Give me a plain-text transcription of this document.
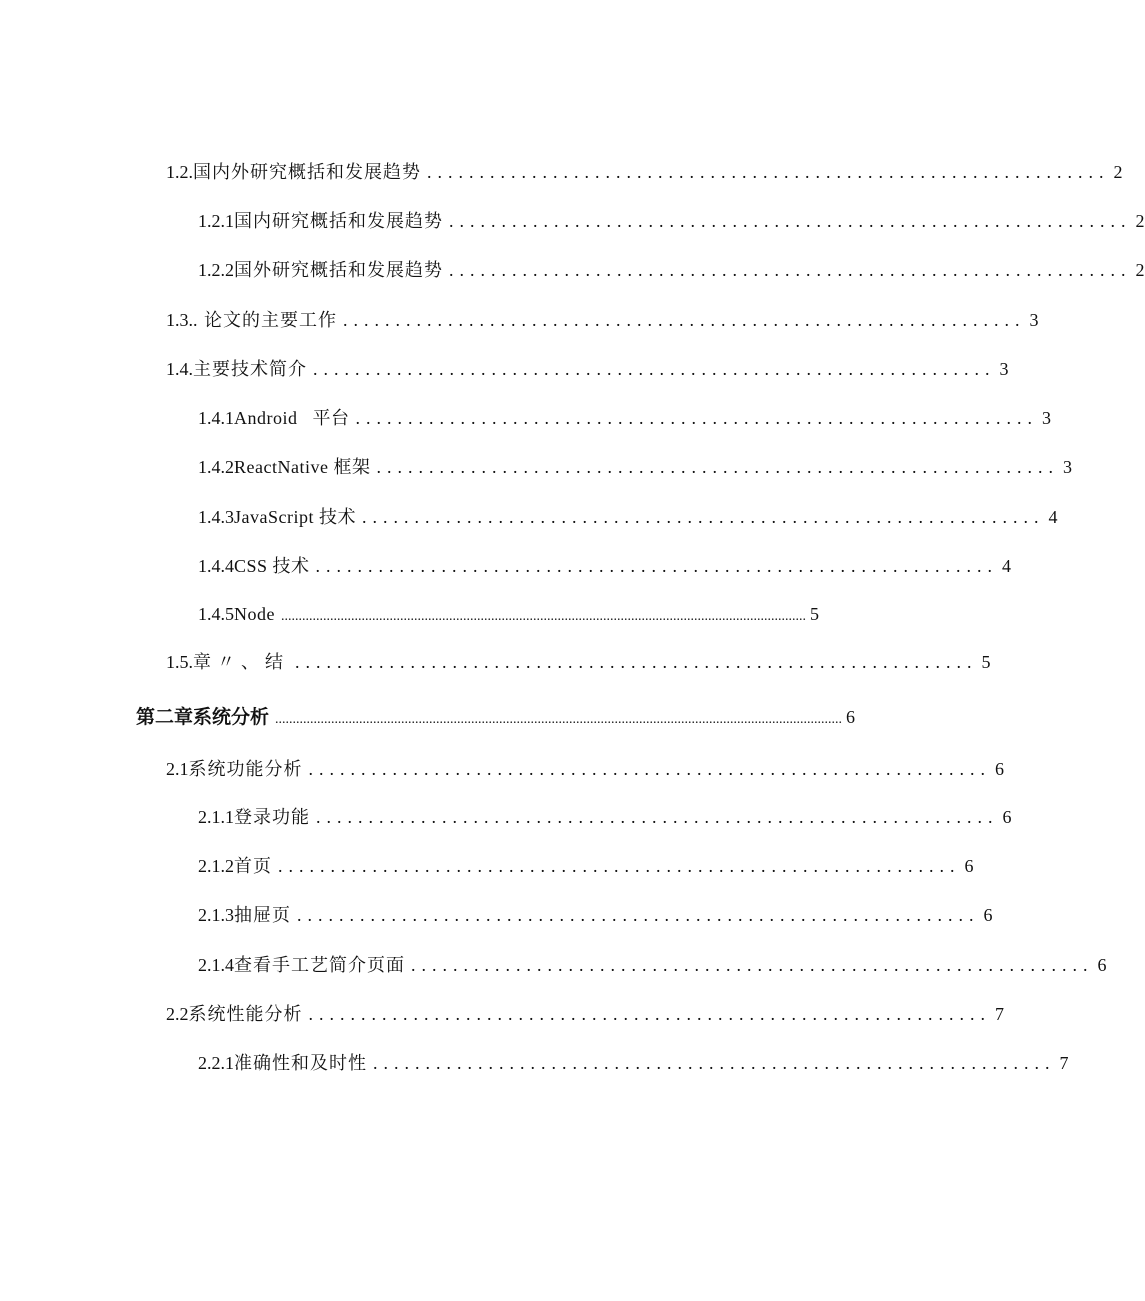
1.2. 国内外研究概括和发展趋势 ................................................................. 2
1.2.1 国内研究概括和发展趋势 ................................................................. 2
1.2.2 国外研究概括和发展趋势 ................................................................. 2
1.3. . 论文的主要工作 ................................................................. 3
1.4. 主要技术简介 ................................................................. 3
1.4.1 Android   平台 ................................................................. 3
1.4.2 ReactNative 框架 ................................................................. 3
1.4.3 JavaScript 技术 ................................................................. 4
1.4.4 CSS 技术 ................................................................. 4
1.4.5 Node ...................................................................................................................................................... 5
1.5. 章〃、结 ................................................................. 5
第二章系统分析 .................................................................................................................................................................. 6
2.1 系统功能分析 ................................................................. 6
2.1.1 登录功能 ................................................................. 6
2.1.2 首页 ................................................................. 6
2.1.3 抽屉页 ................................................................. 6
2.1.4 查看手工艺简介页面 ................................................................. 6
2.2 系统性能分析 ................................................................. 7
2.2.1 准确性和及时性 ................................................................. 7
